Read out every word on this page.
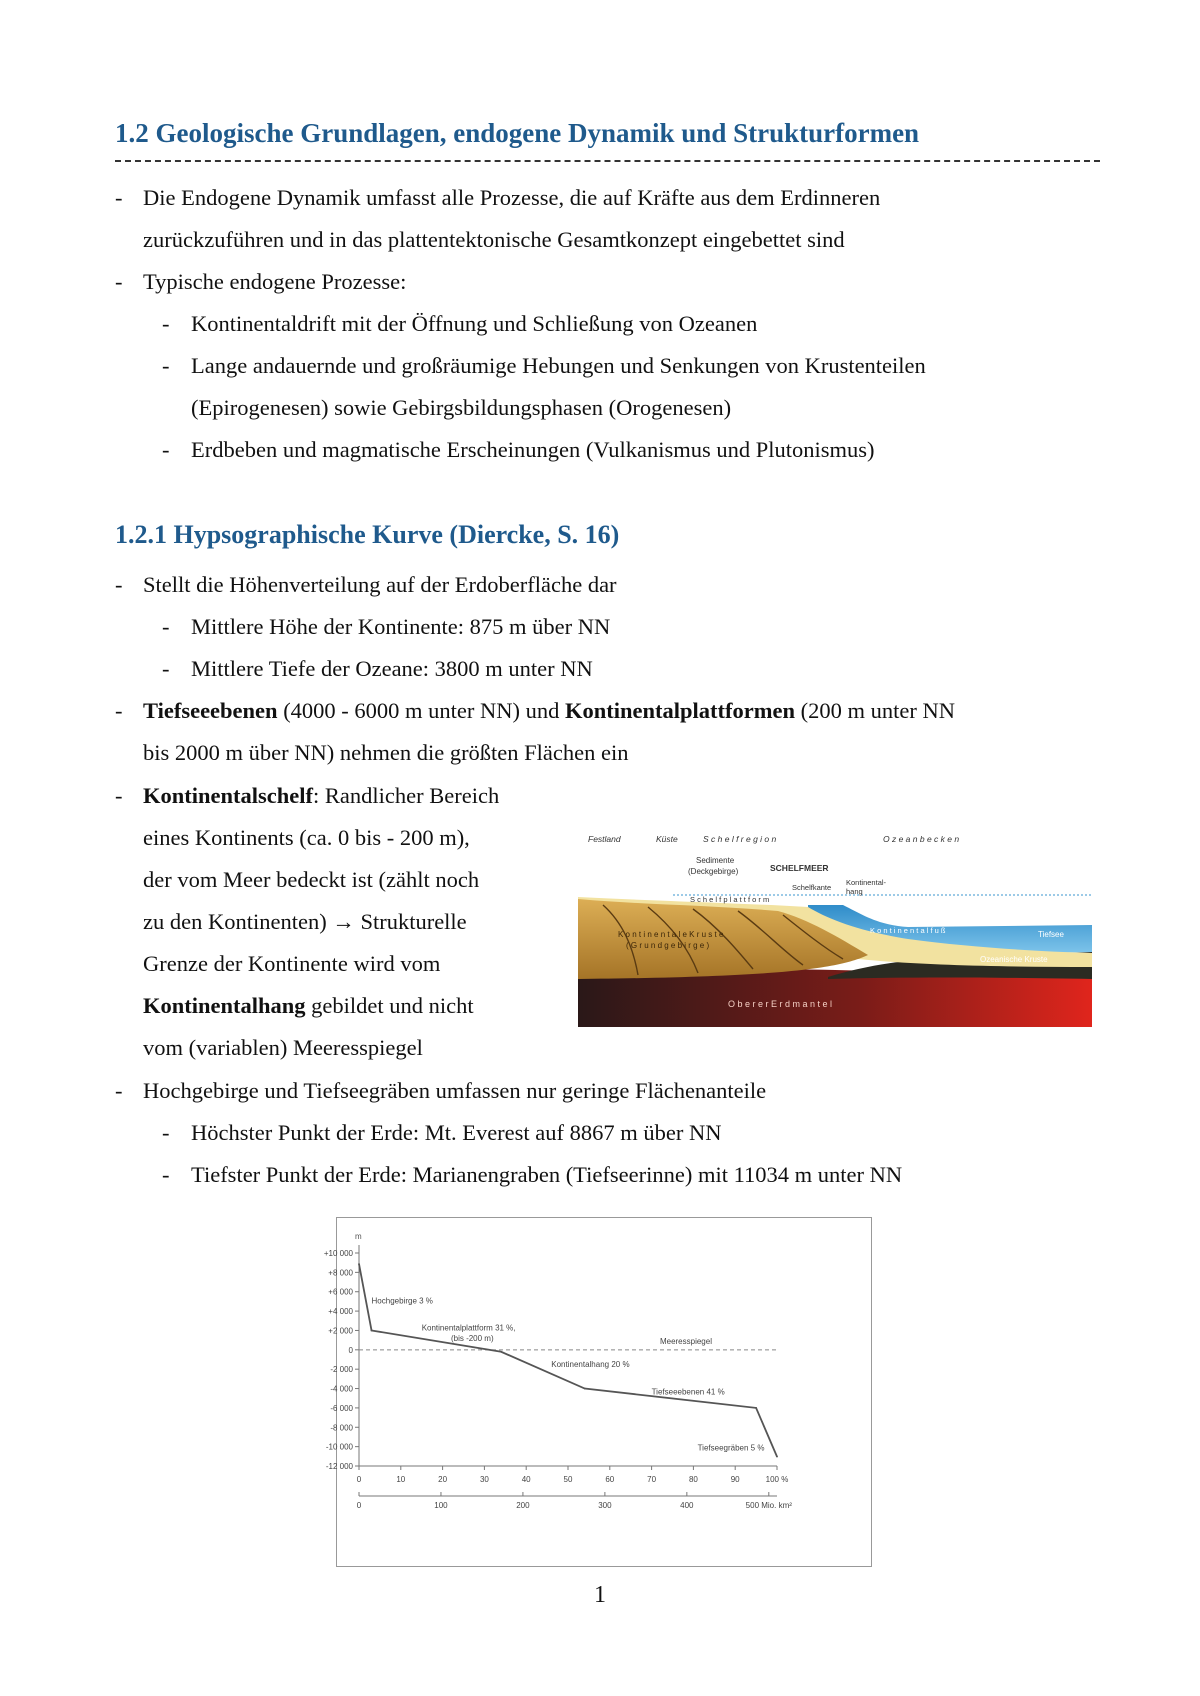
1.2 Geologische Grundlagen, endogene Dynamik und Strukturformen
- Die Endogene Dynamik umfasst alle Prozesse, die auf Kräfte aus dem Erdinneren
zurückzuführen und in das plattentektonische Gesamtkonzept eingebettet sind
- Typische endogene Prozesse:
- Kontinentaldrift mit der Öffnung und Schließung von Ozeanen
- Lange andauernde und großräumige Hebungen und Senkungen von Krustenteilen
(Epirogenesen) sowie Gebirgsbildungsphasen (Orogenesen)
- Erdbeben und magmatische Erscheinungen (Vulkanismus und Plutonismus)
1.2.1 Hypsographische Kurve (Diercke, S. 16)
- Stellt die Höhenverteilung auf der Erdoberfläche dar
- Mittlere Höhe der Kontinente: 875 m über NN
- Mittlere Tiefe der Ozeane: 3800 m unter NN
- Tiefseeebenen (4000 - 6000 m unter NN) und Kontinentalplattformen (200 m unter NN
bis 2000 m über NN) nehmen die größten Flächen ein
- Kontinentalschelf: Randlicher Bereich
eines Kontinents (ca. 0 bis - 200 m),
der vom Meer bedeckt ist (zählt noch
zu den Kontinenten) → Strukturelle
Grenze der Kontinente wird vom
Kontinentalhang gebildet und nicht
vom (variablen) Meeresspiegel
Festland	Küste	S c h e l f r e g i o n	O z e a n b e c k e n
Sedimente
(Deckgebirge)	SCHELFMEER
Schelfkante
Kontinental-
hang
S c h e l f p l a t t f o r m
OZEAN
Tiefsee
K o n t i n e n t a l f u ß
Ozeanische Kruste
K o n t i n e n t a l e K r u s t e
( G r u n d g e b i r g e )
O b e r e r E r d m a n t e l
- Hochgebirge und Tiefseegräben umfassen nur geringe Flächenanteile
- Höchster Punkt der Erde: Mt. Everest auf 8867 m über NN
- Tiefster Punkt der Erde: Marianengraben (Tiefseerinne) mit 11034 m unter NN
m
+10 000
+8 000
+6 000
+4 000
+2 000
0
-2 000
-4 000
-6 000
-8 000
-10 000
-12 000
0	10	20	30	40	50	60	70	80	90	100 %
0	100	200	300	400	500 Mio. km²
Meeresspiegel
Hochgebirge 3 %
Kontinentalplattform 31 %,
(bis -200 m)
Kontinentalhang 20 %
Tiefseeebenen 41 %
Tiefseegräben 5 %
1
